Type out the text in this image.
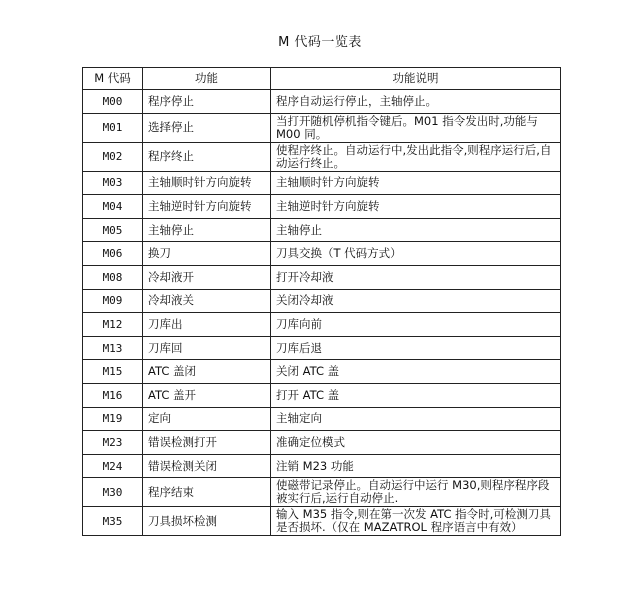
M 代码一览表
M 代码	功能	功能说明
M00	程序停止	程序自动运行停止，主轴停止。
M01	选择停止	当打开随机停机指令键后。M01 指令发出时,功能与 M00 同。
M02	程序终止	使程序终止。自动运行中,发出此指令,则程序运行后,自动运行终止。
M03	主轴顺时针方向旋转	主轴顺时针方向旋转
M04	主轴逆时针方向旋转	主轴逆时针方向旋转
M05	主轴停止	主轴停止
M06	换刀	刀具交换（T 代码方式）
M08	冷却液开	打开冷却液
M09	冷却液关	关闭冷却液
M12	刀库出	刀库向前
M13	刀库回	刀库后退
M15	ATC 盖闭	关闭 ATC 盖
M16	ATC 盖开	打开 ATC 盖
M19	定向	主轴定向
M23	错误检测打开	准确定位模式
M24	错误检测关闭	注销 M23 功能
M30	程序结束	使磁带记录停止。自动运行中运行 M30,则程序程序段被实行后,运行自动停止.
M35	刀具损坏检测	输入 M35 指令,则在第一次发 ATC 指令时,可检测刀具是否损坏.（仅在 MAZATROL 程序语言中有效）
